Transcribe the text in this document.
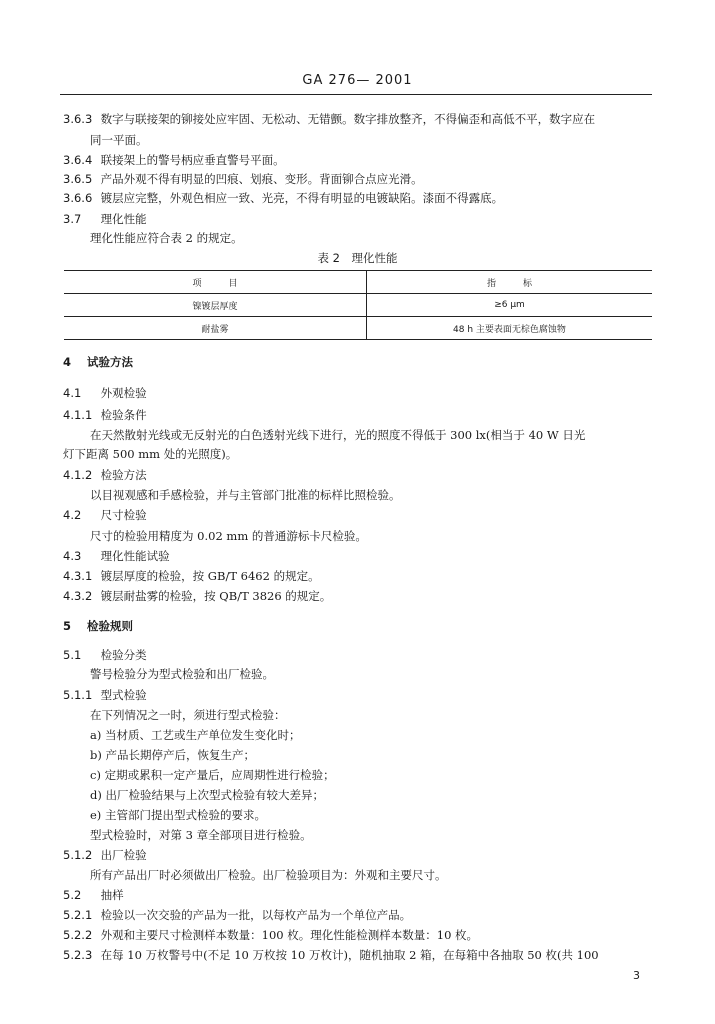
GA 276— 2001
3.6.3 数字与联接架的铆接处应牢固、无松动、无错颤。数字排放整齐，不得偏歪和高低不平，数字应在
同一平面。
3.6.4 联接架上的警号柄应垂直警号平面。
3.6.5 产品外观不得有明显的凹痕、划痕、变形。背面铆合点应光滑。
3.6.6 镀层应完整，外观色相应一致、光亮，不得有明显的电镀缺陷。漆面不得露底。
3.7 理化性能
理化性能应符合表 2 的规定。
表 2　理化性能
项　　　目	指　　　标
镍镀层厚度	≥6 μm
耐盐雾	48 h 主要表面无棕色腐蚀物
4 试验方法
4.1 外观检验
4.1.1 检验条件
在天然散射光线或无反射光的白色透射光线下进行，光的照度不得低于 300 lx(相当于 40 W 日光
灯下距离 500 mm 处的光照度)。
4.1.2 检验方法
以目视观感和手感检验，并与主管部门批准的标样比照检验。
4.2 尺寸检验
尺寸的检验用精度为 0.02 mm 的普通游标卡尺检验。
4.3 理化性能试验
4.3.1 镀层厚度的检验，按 GB/T 6462 的规定。
4.3.2 镀层耐盐雾的检验，按 QB/T 3826 的规定。
5 检验规则
5.1 检验分类
警号检验分为型式检验和出厂检验。
5.1.1 型式检验
在下列情况之一时，须进行型式检验：
a) 当材质、工艺或生产单位发生变化时；
b) 产品长期停产后，恢复生产；
c) 定期或累积一定产量后，应周期性进行检验；
d) 出厂检验结果与上次型式检验有较大差异；
e) 主管部门提出型式检验的要求。
型式检验时，对第 3 章全部项目进行检验。
5.1.2 出厂检验
所有产品出厂时必须做出厂检验。出厂检验项目为：外观和主要尺寸。
5.2 抽样
5.2.1 检验以一次交验的产品为一批，以每枚产品为一个单位产品。
5.2.2 外观和主要尺寸检测样本数量：100 枚。理化性能检测样本数量：10 枚。
5.2.3 在每 10 万枚警号中(不足 10 万枚按 10 万枚计)，随机抽取 2 箱，在每箱中各抽取 50 枚(共 100
3
